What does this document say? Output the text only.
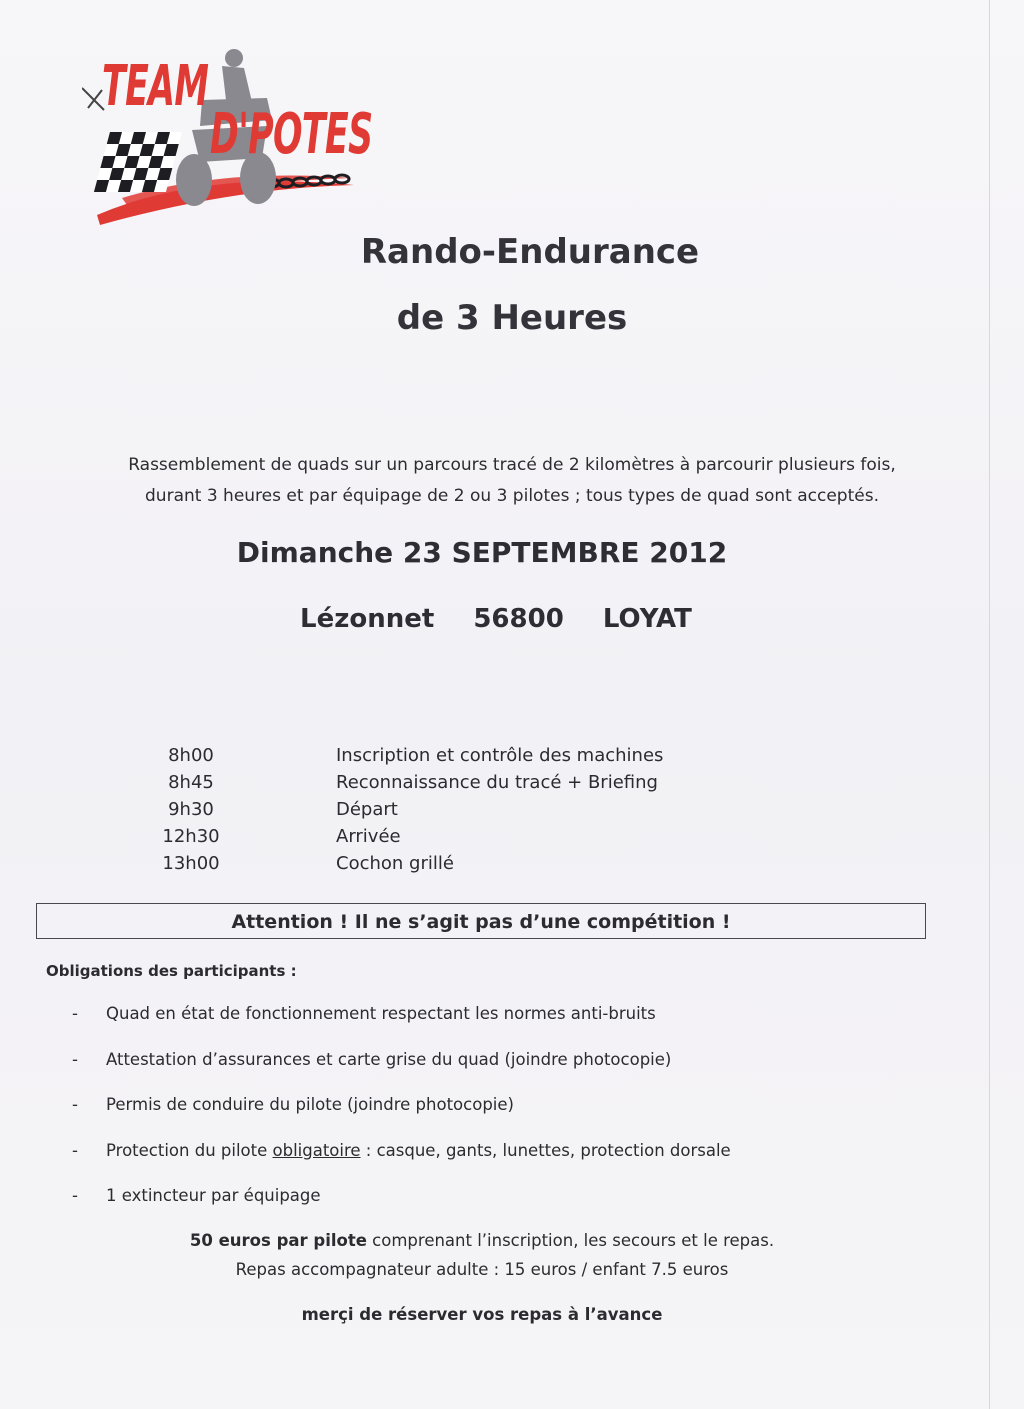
TEAM
D'POTES
Rando-Endurance
de 3 Heures
Rassemblement de quads sur un parcours tracé de 2 kilomètres à parcourir plusieurs fois,
durant 3 heures et par équipage de 2 ou 3 pilotes ; tous types de quad sont acceptés.
Dimanche 23 SEPTEMBRE 2012
Lézonnet 56800 LOYAT
8h00	Inscription et contrôle des machines
8h45	Reconnaissance du tracé + Briefing
9h30	Départ
12h30	Arrivée
13h00	Cochon grillé
Attention ! Il ne s’agit pas d’une compétition !
Obligations des participants :
- Quad en état de fonctionnement respectant les normes anti-bruits
- Attestation d’assurances et carte grise du quad (joindre photocopie)
- Permis de conduire du pilote (joindre photocopie)
- Protection du pilote obligatoire : casque, gants, lunettes, protection dorsale
- 1 extincteur par équipage
50 euros par pilote comprenant l’inscription, les secours et le repas.
Repas accompagnateur adulte : 15 euros / enfant 7.5 euros
merçi de réserver vos repas à l’avance
